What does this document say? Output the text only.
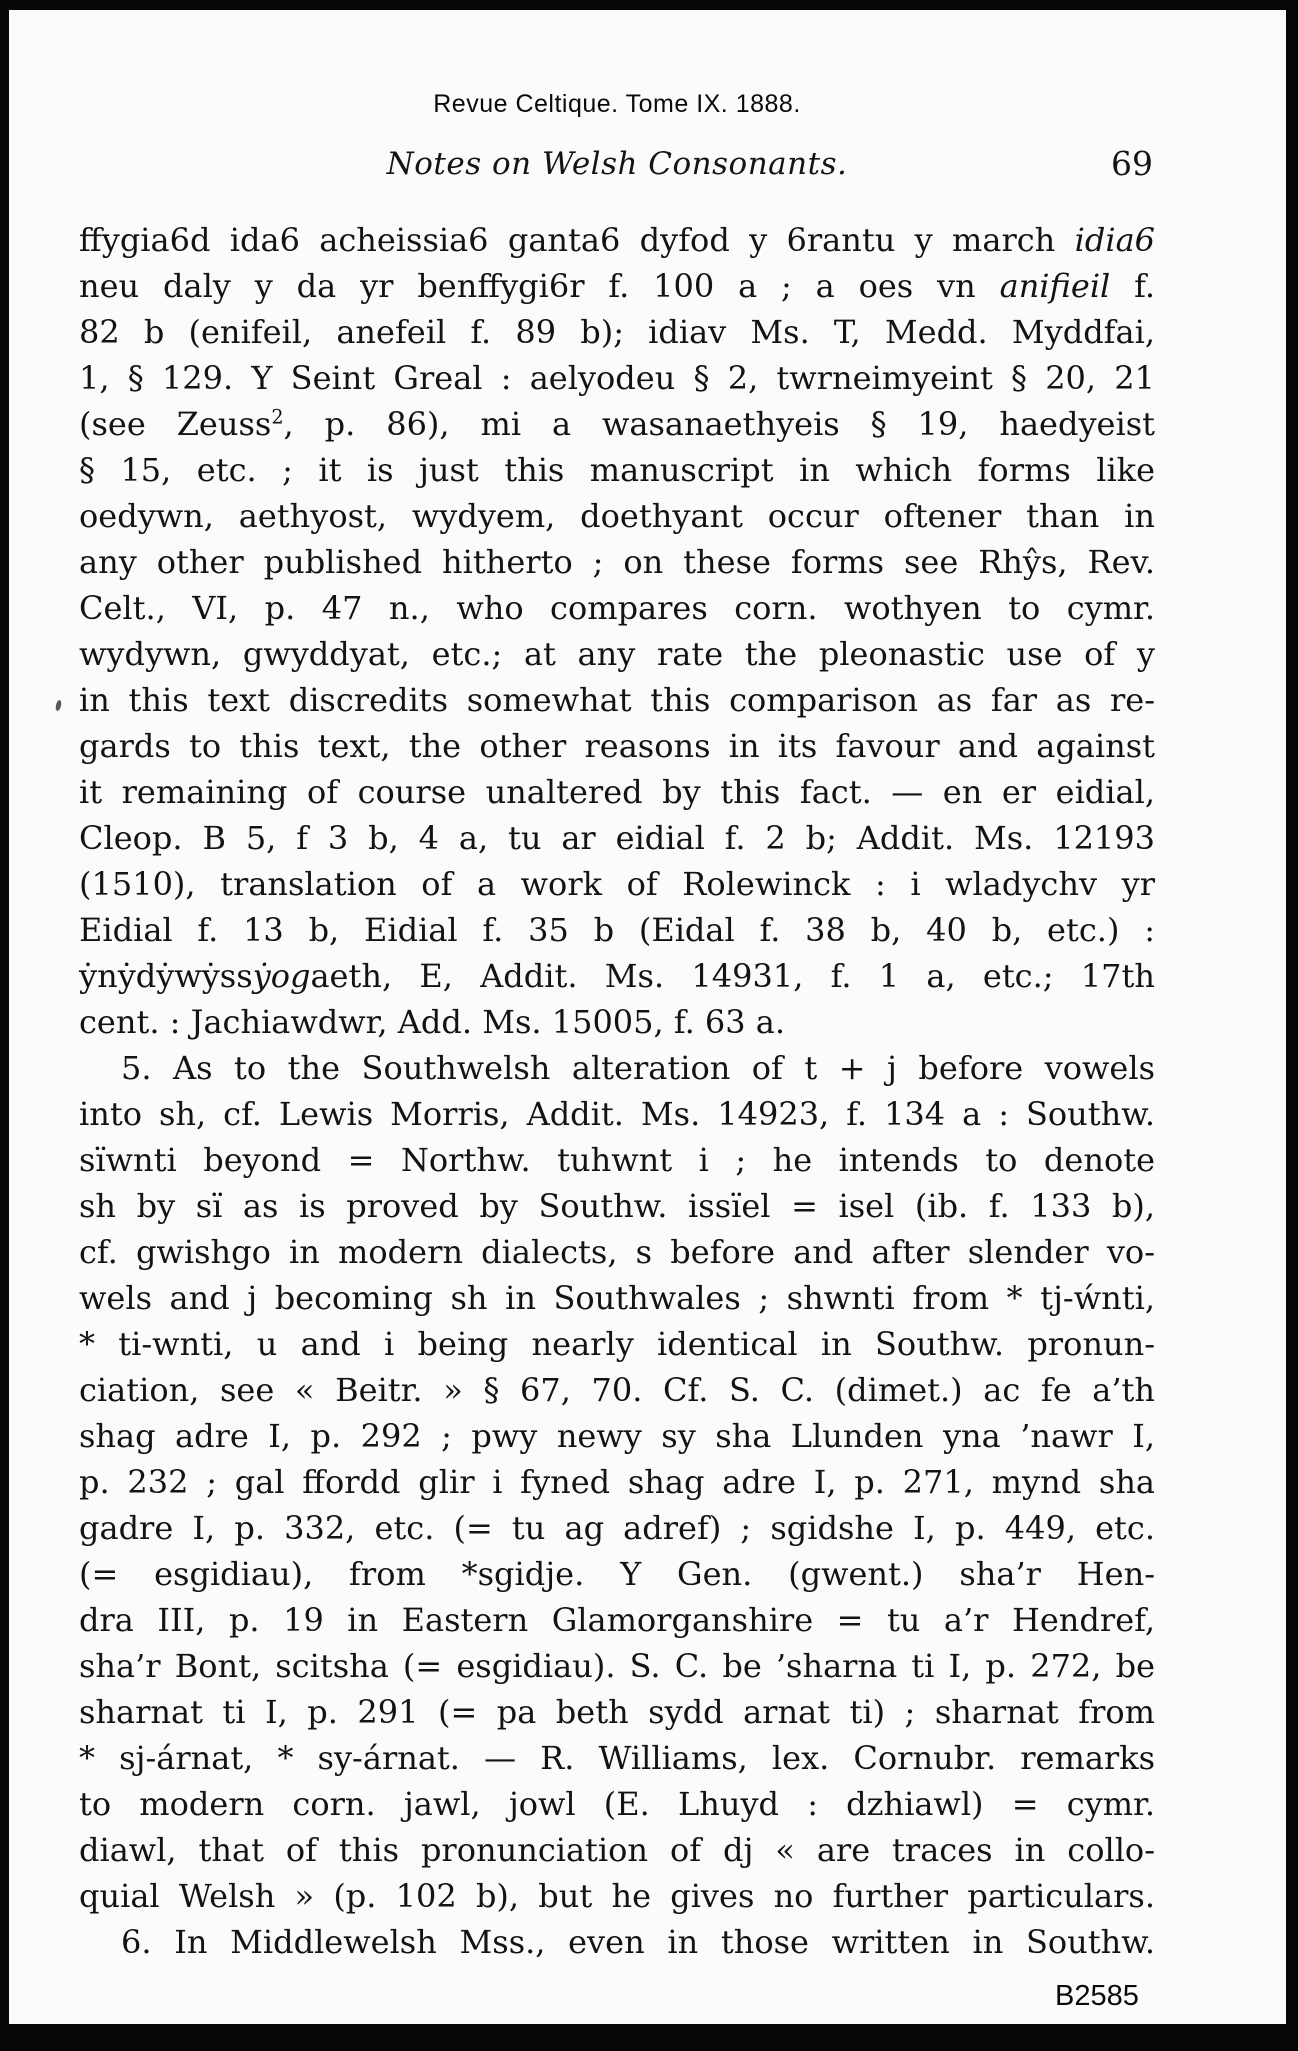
Revue Celtique. Tome IX. 1888.
Notes on Welsh Consonants.	69
ffygia6d ida6 acheissia6 ganta6 dyfod y 6rantu y march idia6
neu daly y da yr benffygi6r f. 100 a ; a oes vn anifieil f.
82 b (enifeil, anefeil f. 89 b); idiav Ms. T, Medd. Myddfai,
1, § 129. Y Seint Greal : aelyodeu § 2, twrneimyeint § 20, 21
(see Zeuss$^2$, p. 86), mi a wasanaethyeis § 19, haedyeist
§ 15, etc. ; it is just this manuscript in which forms like
oedywn, aethyost, wydyem, doethyant occur oftener than in
any other published hitherto ; on these forms see Rhŷs, Rev.
Celt., VI, p. 47 n., who compares corn. wothyen to cymr.
wydywn, gwyddyat, etc.; at any rate the pleonastic use of y
in this text discredits somewhat this comparison as far as re-
gards to this text, the other reasons in its favour and against
it remaining of course unaltered by this fact. — en er eidial,
Cleop. B 5, f 3 b, 4 a, tu ar eidial f. 2 b; Addit. Ms. 12193
(1510), translation of a work of Rolewinck : i wladychv yr
Eidial f. 13 b, Eidial f. 35 b (Eidal f. 38 b, 40 b, etc.) :
ẏnẏdẏwẏssẏogaeth, E, Addit. Ms. 14931, f. 1 a, etc.; 17th
cent. : Jachiawdwr, Add. Ms. 15005, f. 63 a.
5. As to the Southwelsh alteration of t + j before vowels
into sh, cf. Lewis Morris, Addit. Ms. 14923, f. 134 a : Southw.
sïwnti beyond = Northw. tuhwnt i ; he intends to denote
sh by sï as is proved by Southw. issïel = isel (ib. f. 133 b),
cf. gwishgo in modern dialects, s before and after slender vo-
wels and j becoming sh in Southwales ; shwnti from * tj-ẃnti,
* ti-wnti, u and i being nearly identical in Southw. pronun-
ciation, see « Beitr. » § 67, 70. Cf. S. C. (dimet.) ac fe a’th
shag adre I, p. 292 ; pwy newy sy sha Llunden yna ’nawr I,
p. 232 ; gal ffordd glir i fyned shag adre I, p. 271, mynd sha
gadre I, p. 332, etc. (= tu ag adref) ; sgidshe I, p. 449, etc.
(= esgidiau), from *sgidje. Y Gen. (gwent.) sha’r Hen-
dra III, p. 19 in Eastern Glamorganshire = tu a’r Hendref,
sha’r Bont, scitsha (= esgidiau). S. C. be ’sharna ti I, p. 272, be
sharnat ti I, p. 291 (= pa beth sydd arnat ti) ; sharnat from
* sj-árnat, * sy-árnat. — R. Williams, lex. Cornubr. remarks
to modern corn. jawl, jowl (E. Lhuyd : dzhiawl) = cymr.
diawl, that of this pronunciation of dj « are traces in collo-
quial Welsh » (p. 102 b), but he gives no further particulars.
6. In Middlewelsh Mss., even in those written in Southw.
B2585
